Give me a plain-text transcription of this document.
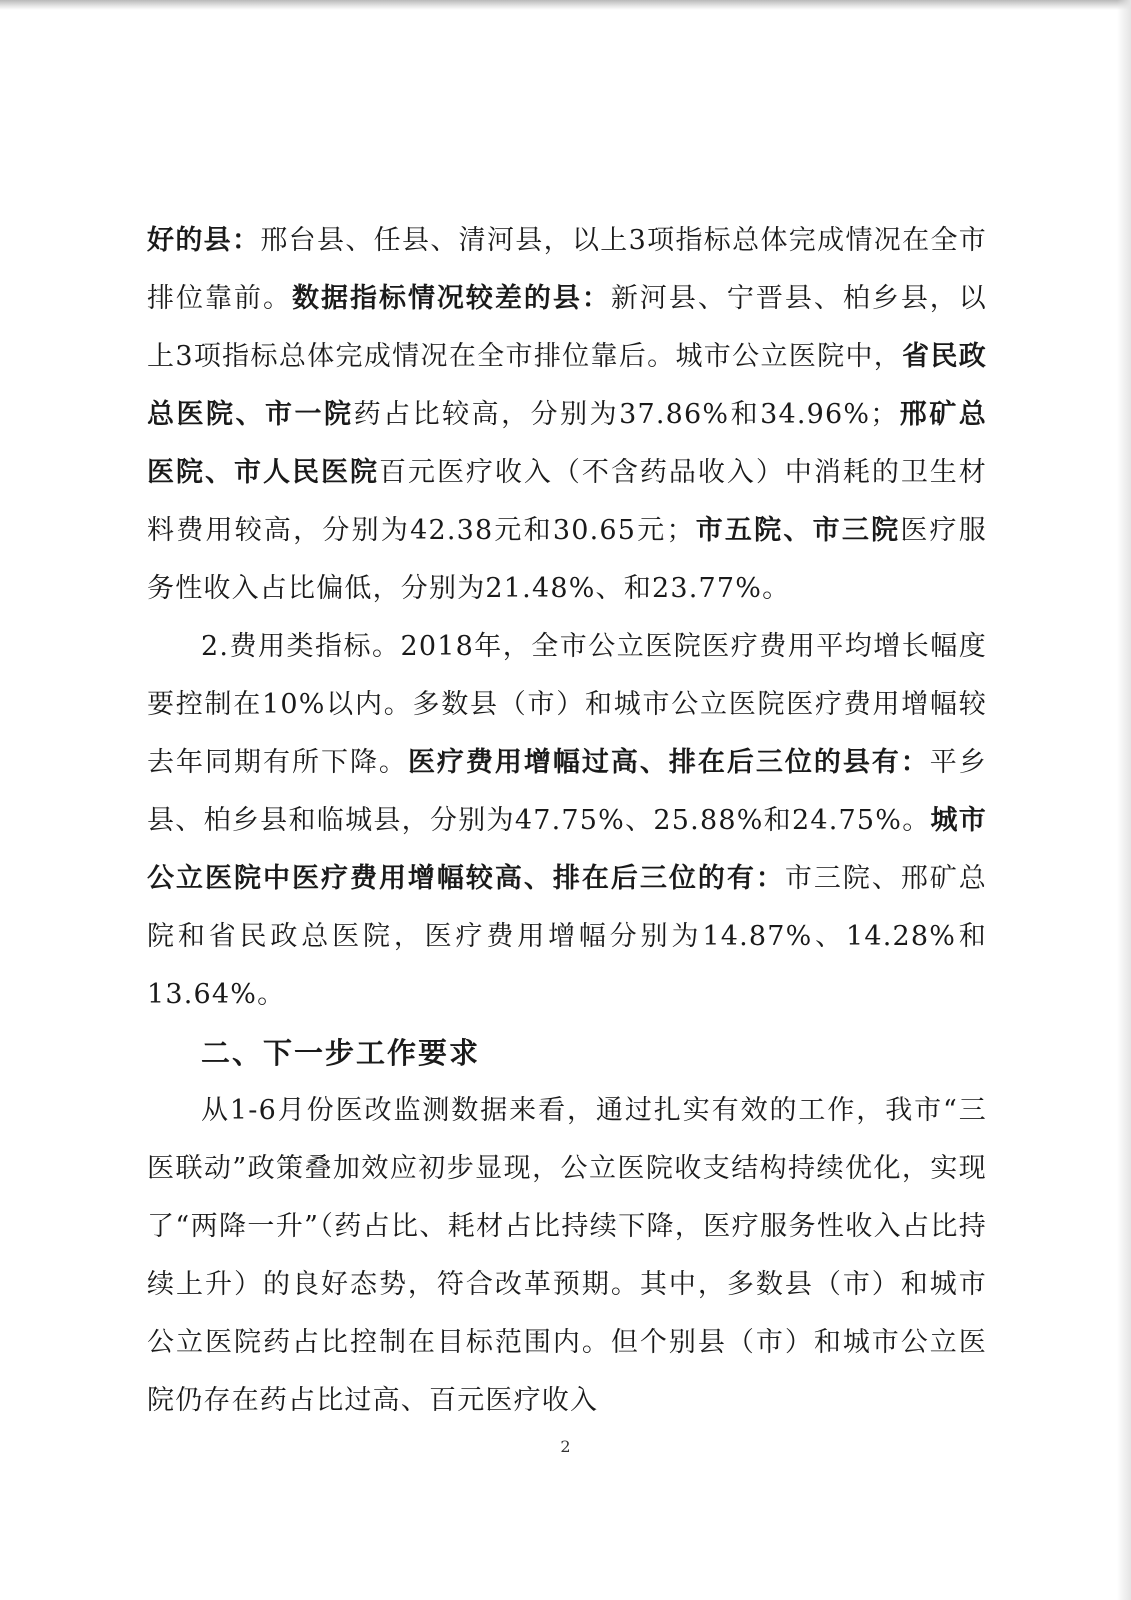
好的县：邢台县、任县、清河县，以上3项指标总体完成情况在全市排位靠前。数据指标情况较差的县：新河县、宁晋县、柏乡县，以上3项指标总体完成情况在全市排位靠后。城市公立医院中，省民政总医院、市一院药占比较高，分别为37.86%和34.96%；邢矿总医院、市人民医院百元医疗收入（不含药品收入）中消耗的卫生材料费用较高，分别为42.38元和30.65元；市五院、市三院医疗服务性收入占比偏低，分别为21.48%、和23.77%。

2.费用类指标。2018年，全市公立医院医疗费用平均增长幅度要控制在10%以内。多数县（市）和城市公立医院医疗费用增幅较去年同期有所下降。医疗费用增幅过高、排在后三位的县有：平乡县、柏乡县和临城县，分别为47.75%、25.88%和24.75%。城市公立医院中医疗费用增幅较高、排在后三位的有：市三院、邢矿总院和省民政总医院，医疗费用增幅分别为14.87%、14.28%和13.64%。

二、下一步工作要求

从1-6月份医改监测数据来看，通过扎实有效的工作，我市“三医联动”政策叠加效应初步显现，公立医院收支结构持续优化，实现了“两降一升”（药占比、耗材占比持续下降，医疗服务性收入占比持续上升）的良好态势，符合改革预期。其中，多数县（市）和城市公立医院药占比控制在目标范围内。但个别县（市）和城市公立医院仍存在药占比过高、百元医疗收入

2
